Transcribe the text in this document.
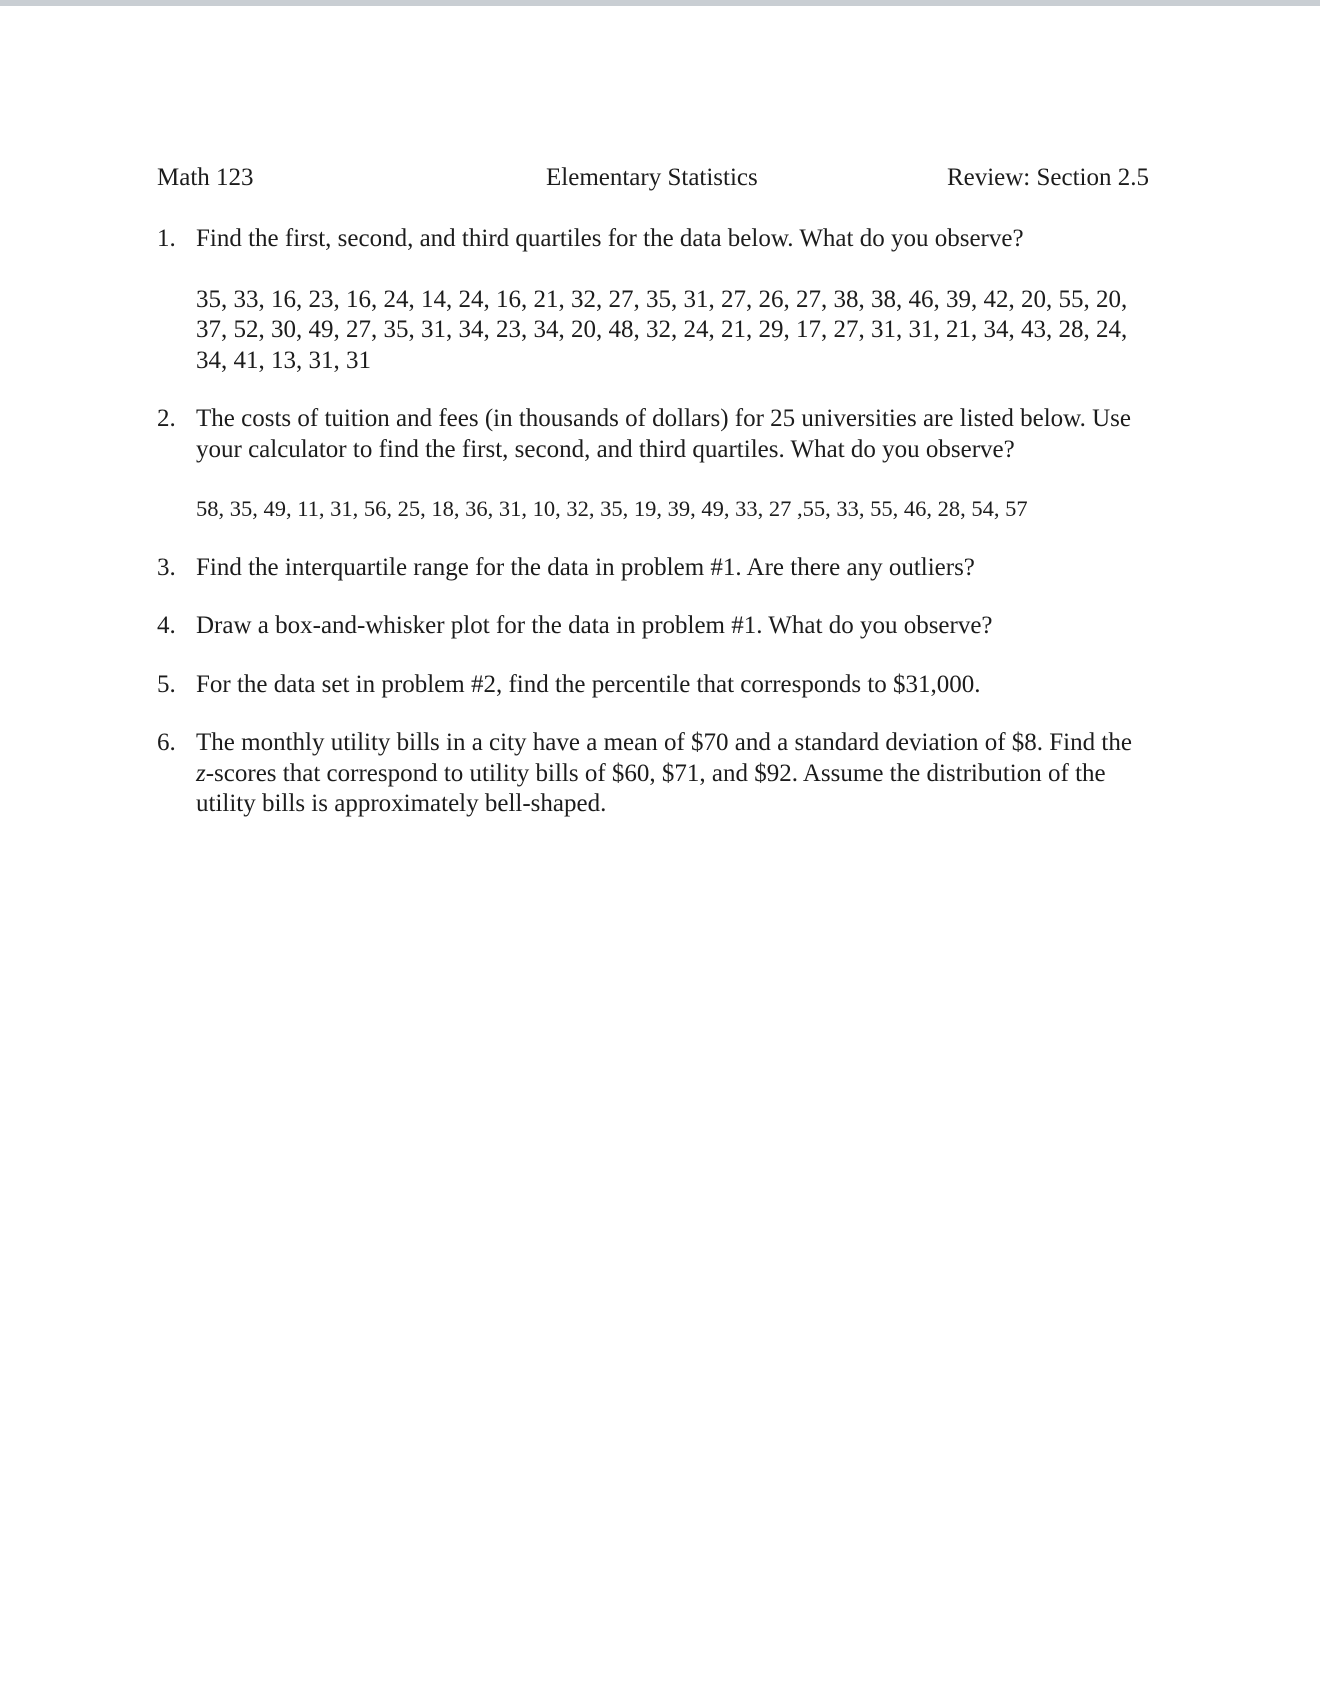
Math 123	Elementary Statistics	Review: Section 2.5
1. Find the first, second, and third quartiles for the data below. What do you observe?
35, 33, 16, 23, 16, 24, 14, 24, 16, 21, 32, 27, 35, 31, 27, 26, 27, 38, 38, 46, 39, 42, 20, 55, 20, 37, 52, 30, 49, 27, 35, 31, 34, 23, 34, 20, 48, 32, 24, 21, 29, 17, 27, 31, 31, 21, 34, 43, 28, 24, 34, 41, 13, 31, 31
2. The costs of tuition and fees (in thousands of dollars) for 25 universities are listed below. Use your calculator to find the first, second, and third quartiles. What do you observe?
58, 35, 49, 11, 31, 56, 25, 18, 36, 31, 10, 32, 35, 19, 39, 49, 33, 27 ,55, 33, 55, 46, 28, 54, 57
3. Find the interquartile range for the data in problem #1. Are there any outliers?
4. Draw a box-and-whisker plot for the data in problem #1. What do you observe?
5. For the data set in problem #2, find the percentile that corresponds to $31,000.
6. The monthly utility bills in a city have a mean of $70 and a standard deviation of $8. Find the z-scores that correspond to utility bills of $60, $71, and $92. Assume the distribution of the utility bills is approximately bell-shaped.
